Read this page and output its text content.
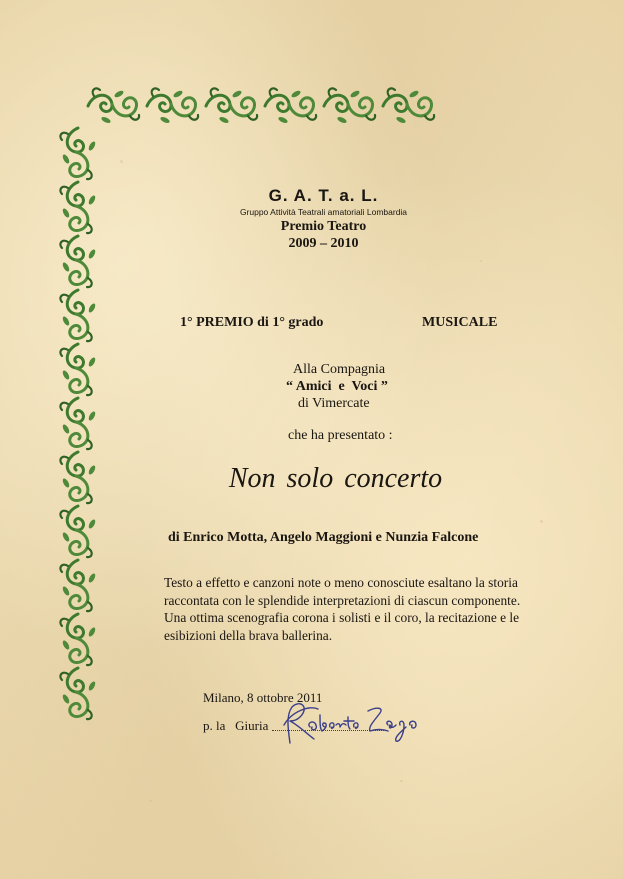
G. A. T. a. L.
Gruppo Attività Teatrali amatoriali Lombardia
Premio Teatro
2009 – 2010
1° PREMIO di 1° grado	MUSICALE
Alla Compagnia
“ Amici  e  Voci ”
di Vimercate
che ha presentato :
Non solo concerto
di Enrico Motta, Angelo Maggioni e Nunzia Falcone
Testo a effetto e canzoni note o meno conosciute esaltano la storia
raccontata con le splendide interpretazioni di ciascun componente.
Una ottima scenografia corona i solisti e il coro, la recitazione e le
esibizioni della brava ballerina.
Milano, 8 ottobre 2011
p. la   Giuria
